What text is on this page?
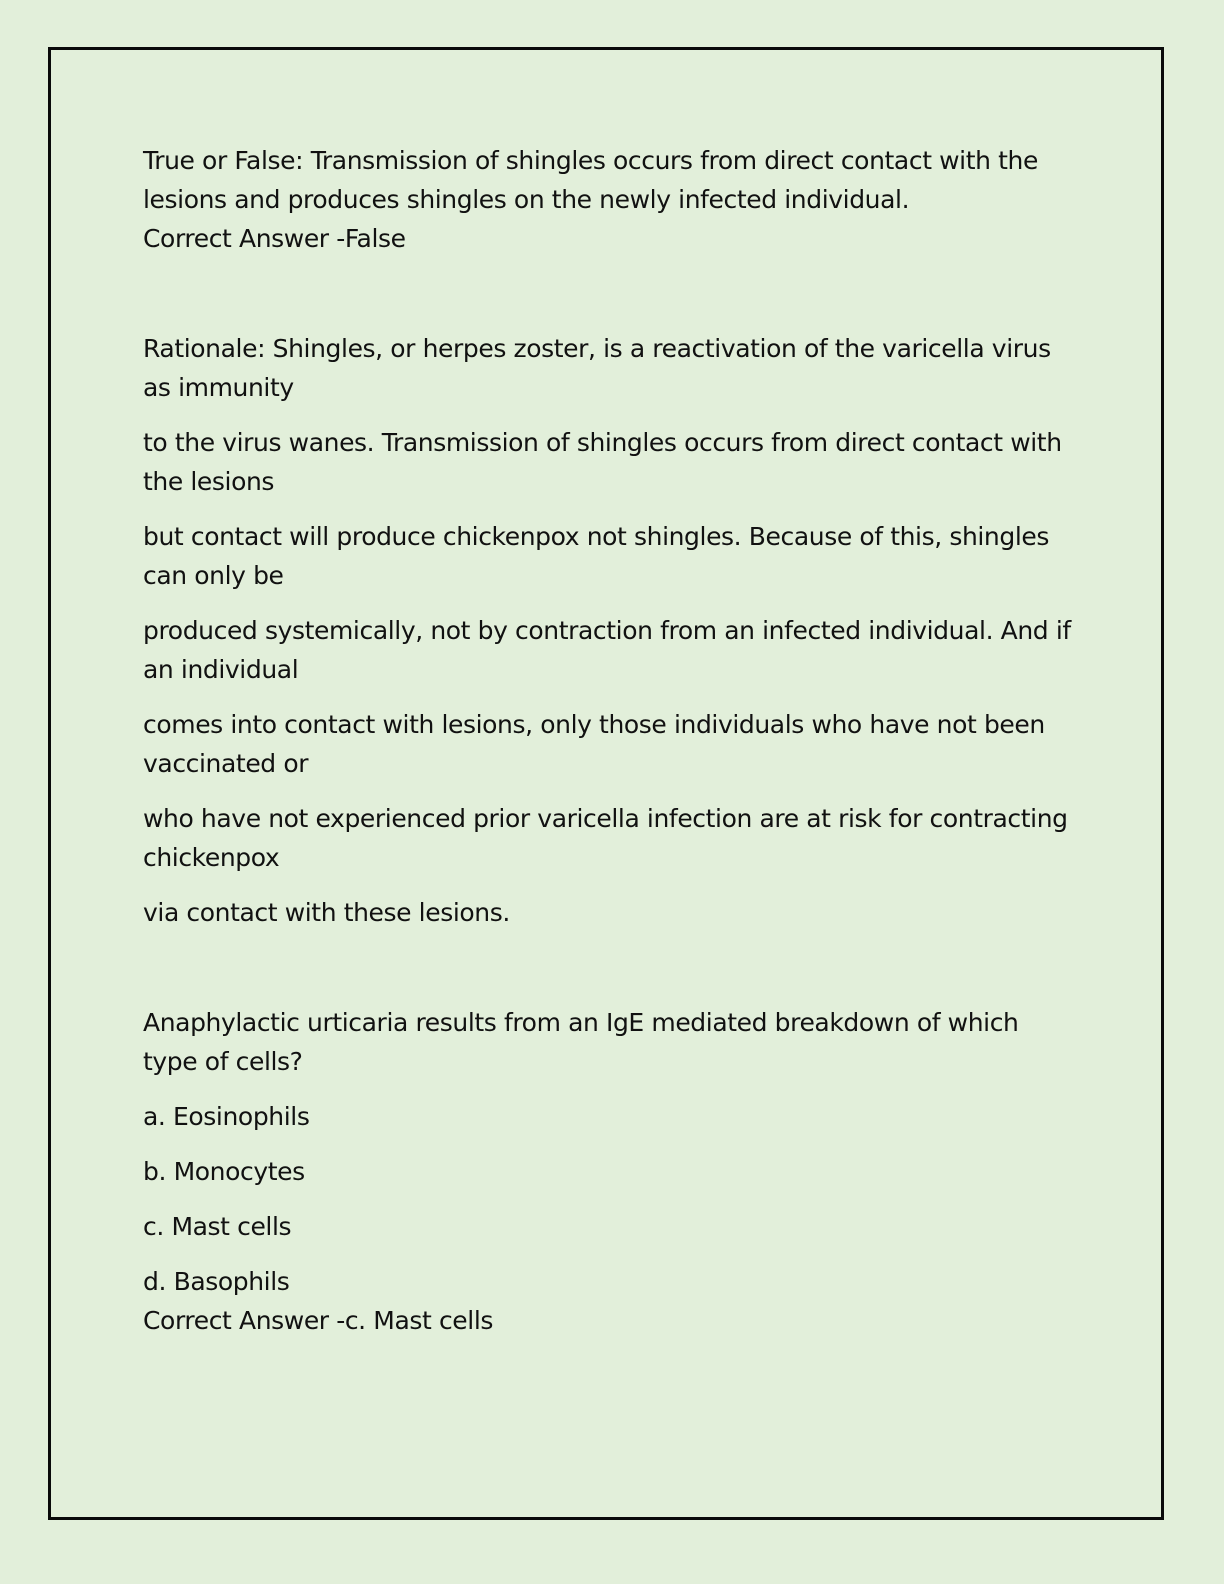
True or False: Transmission of shingles occurs from direct contact with the
lesions and produces shingles on the newly infected individual.
Correct Answer -False
Rationale: Shingles, or herpes zoster, is a reactivation of the varicella virus
as immunity
to the virus wanes. Transmission of shingles occurs from direct contact with
the lesions
but contact will produce chickenpox not shingles. Because of this, shingles
can only be
produced systemically, not by contraction from an infected individual. And if
an individual
comes into contact with lesions, only those individuals who have not been
vaccinated or
who have not experienced prior varicella infection are at risk for contracting
chickenpox
via contact with these lesions.
Anaphylactic urticaria results from an IgE mediated breakdown of which
type of cells?
a. Eosinophils
b. Monocytes
c. Mast cells
d. Basophils
Correct Answer -c. Mast cells
